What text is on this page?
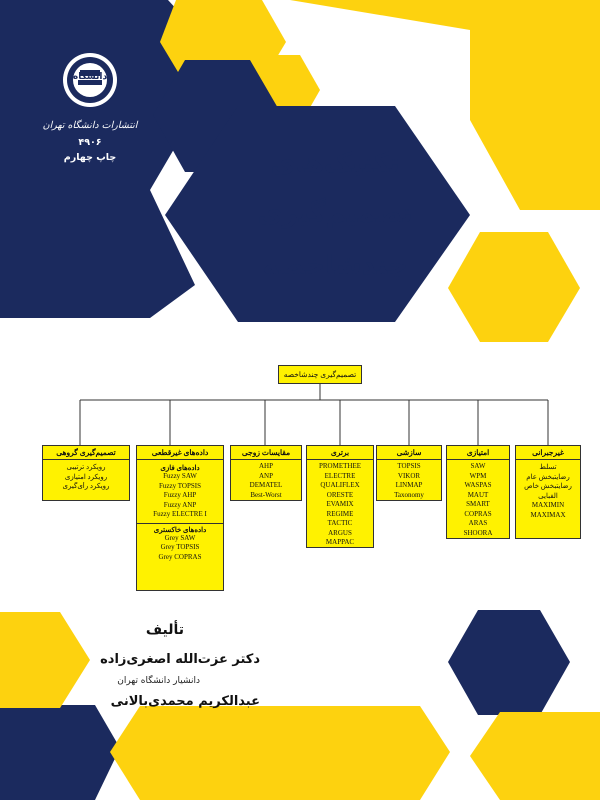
دانشگاه
انتشارات دانشگاه تهران
۴۹۰۶
چاپ چهارم	تکنیک‌های
تصمیم‌گیری
چندشاخصه
تصمیم‌گیری چندشاخصه
غیرجبرانی
تسلط
رضایتبخش عام
رضایتبخش خاص
الفبایی
MAXIMIN
MAXIMAX
امتیازی
SAW
WPM
WASPAS
MAUT
SMART
COPRAS
ARAS
SHOORA
سازشی
TOPSIS
VIKOR
LINMAP
Taxonomy
برتری
PROMETHEE
ELECTRE
QUALIFLEX
ORESTE
EVAMIX
REGIME
TACTIC
ARGUS
MAPPAC
مقایسات زوجی
AHP
ANP
DEMATEL
Best-Worst
داده‌های غیرقطعی
داده‌های فازی
Fuzzy SAW
Fuzzy TOPSIS
Fuzzy AHP
Fuzzy ANP
Fuzzy ELECTRE I
داده‌های خاکستری
Grey SAW
Grey TOPSIS
Grey COPRAS
تصمیم‌گیری گروهی
رویکرد ترتیبی
رویکرد امتیازی
رویکرد رأی‌گیری
تألیف
دکتر عزت‌الله اصغری‌زاده
دانشیار دانشگاه تهران
عبدالکریم محمدی‌بالانی
